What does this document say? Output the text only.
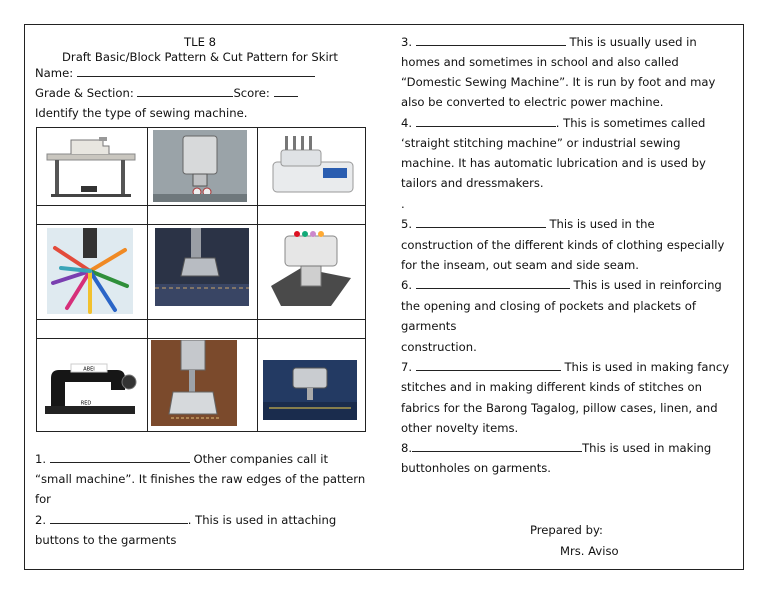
TLE 8
Draft Basic/Block Pattern & Cut Pattern for Skirt
Name:
Grade & Section:	Score:
Identify the type of sewing machine.
ABEI
RED
1.	Other companies call it
“small machine”. It finishes the raw edges of the pattern
for
2.	. This is used in attaching
buttons to the garments
3.	This is usually used in
homes and sometimes in school and also called
“Domestic Sewing Machine”. It is run by foot and may
also be converted to electric power machine.
4.	. This is sometimes called
‘straight stitching machine” or industrial sewing
machine. It has automatic lubrication and is used by
tailors and dressmakers.
.
5.	This is used in the
construction of the different kinds of clothing especially
for the inseam, out seam and side seam.
6.	This is used in reinforcing
the opening and closing of pockets and plackets of
garments
construction.
7.	This is used in making fancy
stitches and in making different kinds of stitches on
fabrics for the Barong Tagalog, pillow cases, linen, and
other novelty items.
8.	This is used in making
buttonholes on garments.
Prepared by:
Mrs. Aviso
